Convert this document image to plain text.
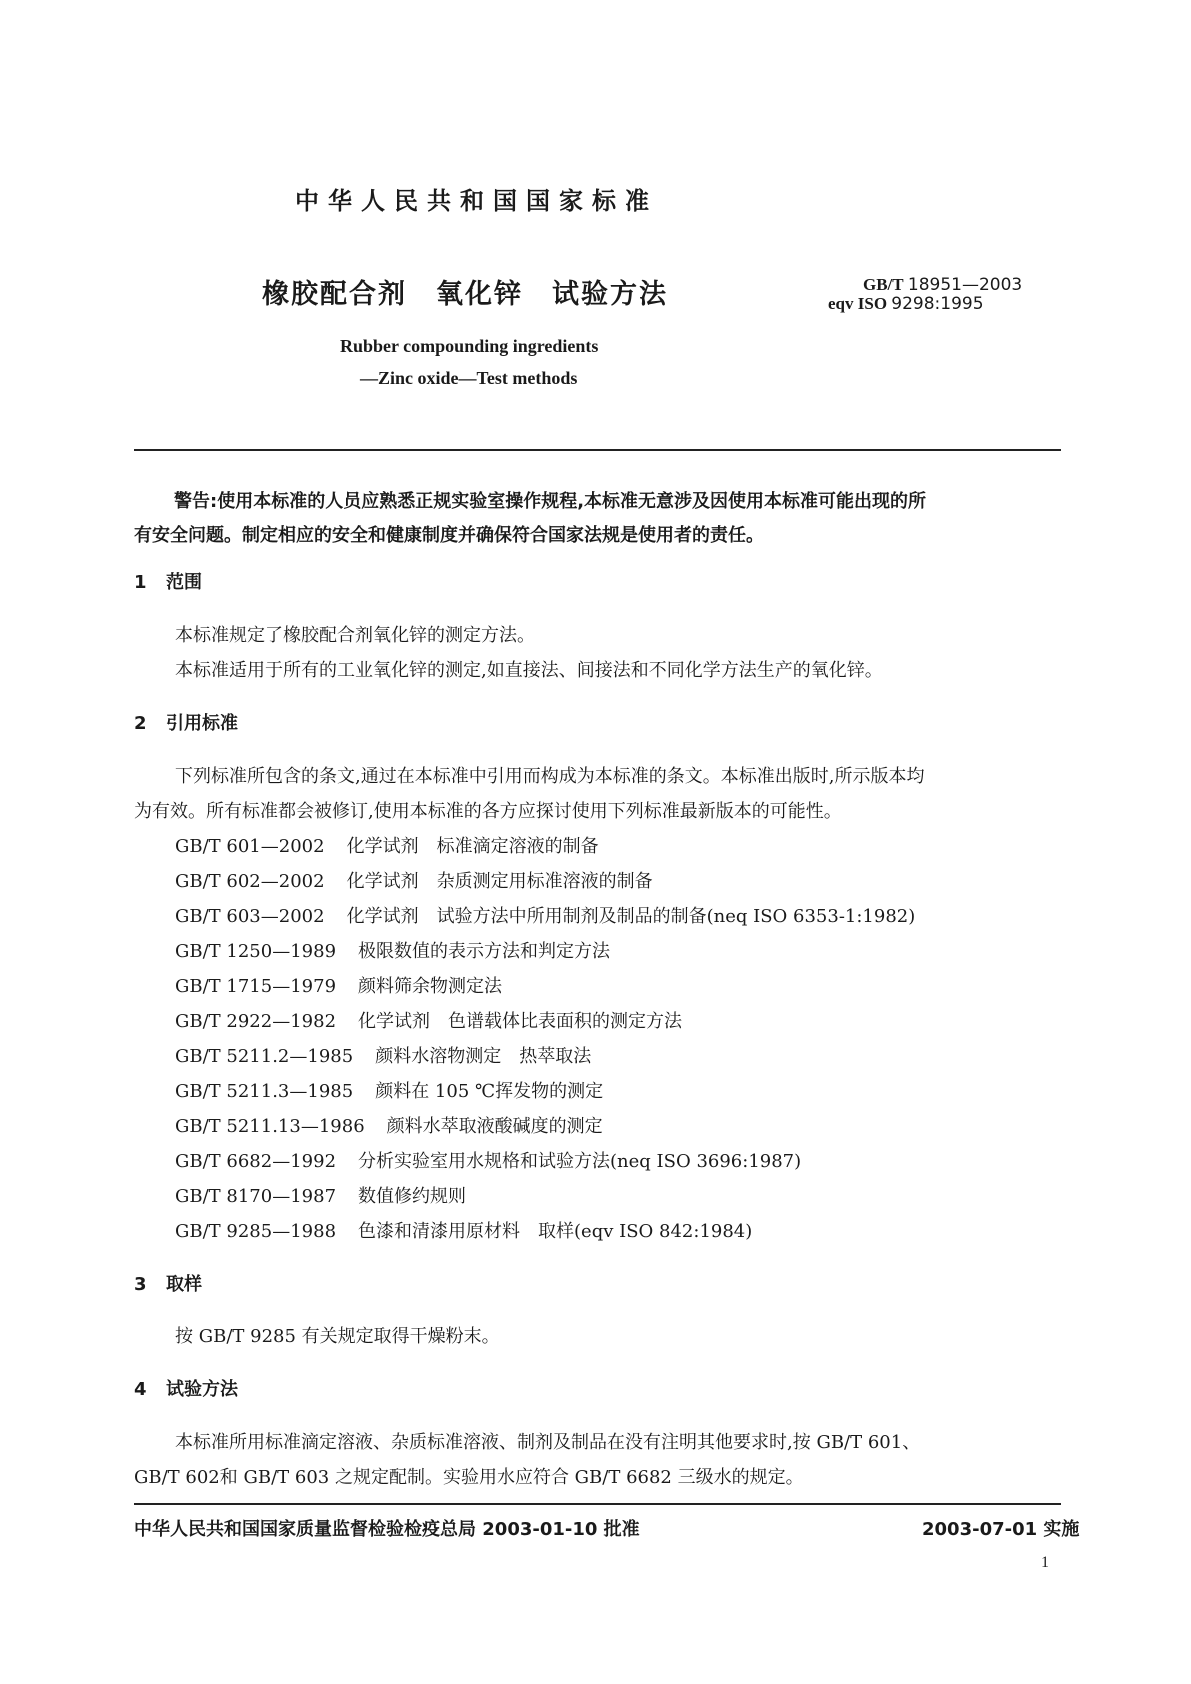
中华人民共和国国家标准
橡胶配合剂　氧化锌　试验方法	GB/T 18951—2003
eqv ISO 9298:1995
Rubber compounding ingredients
—Zinc oxide—Test methods
警告:使用本标准的人员应熟悉正规实验室操作规程,本标准无意涉及因使用本标准可能出现的所
有安全问题。制定相应的安全和健康制度并确保符合国家法规是使用者的责任。
1 范围
本标准规定了橡胶配合剂氧化锌的测定方法。
本标准适用于所有的工业氧化锌的测定,如直接法、间接法和不同化学方法生产的氧化锌。
2 引用标准
下列标准所包含的条文,通过在本标准中引用而构成为本标准的条文。本标准出版时,所示版本均
为有效。所有标准都会被修订,使用本标准的各方应探讨使用下列标准最新版本的可能性。
GB/T 601—2002 化学试剂　标准滴定溶液的制备
GB/T 602—2002 化学试剂　杂质测定用标准溶液的制备
GB/T 603—2002 化学试剂　试验方法中所用制剂及制品的制备(neq ISO 6353-1:1982)
GB/T 1250—1989 极限数值的表示方法和判定方法
GB/T 1715—1979 颜料筛余物测定法
GB/T 2922—1982 化学试剂　色谱载体比表面积的测定方法
GB/T 5211.2—1985 颜料水溶物测定　热萃取法
GB/T 5211.3—1985 颜料在 105 ℃挥发物的测定
GB/T 5211.13—1986 颜料水萃取液酸碱度的测定
GB/T 6682—1992 分析实验室用水规格和试验方法(neq ISO 3696:1987)
GB/T 8170—1987 数值修约规则
GB/T 9285—1988 色漆和清漆用原材料　取样(eqv ISO 842:1984)
3 取样
按 GB/T 9285 有关规定取得干燥粉末。
4 试验方法
本标准所用标准滴定溶液、杂质标准溶液、制剂及制品在没有注明其他要求时,按 GB/T 601、
GB/T 602和 GB/T 603 之规定配制。实验用水应符合 GB/T 6682 三级水的规定。
中华人民共和国国家质量监督检验检疫总局 2003-01-10 批准	2003-07-01 实施
1
